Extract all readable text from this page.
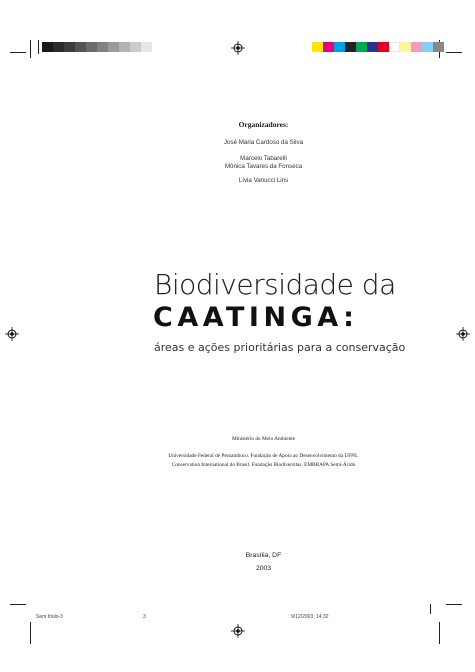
Organizadores:
José Maria Cardoso da Silva
Marcelo Tabarelli
Mônica Tavares da Fonseca
Lívia Vanucci Lins
Biodiversidade da
CAATINGA:
áreas e ações prioritárias para a conservação
Ministério do Meio Ambiente
Universidade Federal de Pernambuco. Fundação de Apoio ao Desenvolvimento da UFPE.
Conservation International do Brasil. Fundação Biodiversitas. EMBRAPA Semi-Árido
Brasília, DF
2003
Sem título-3	3	9/12/2003, 14:32
